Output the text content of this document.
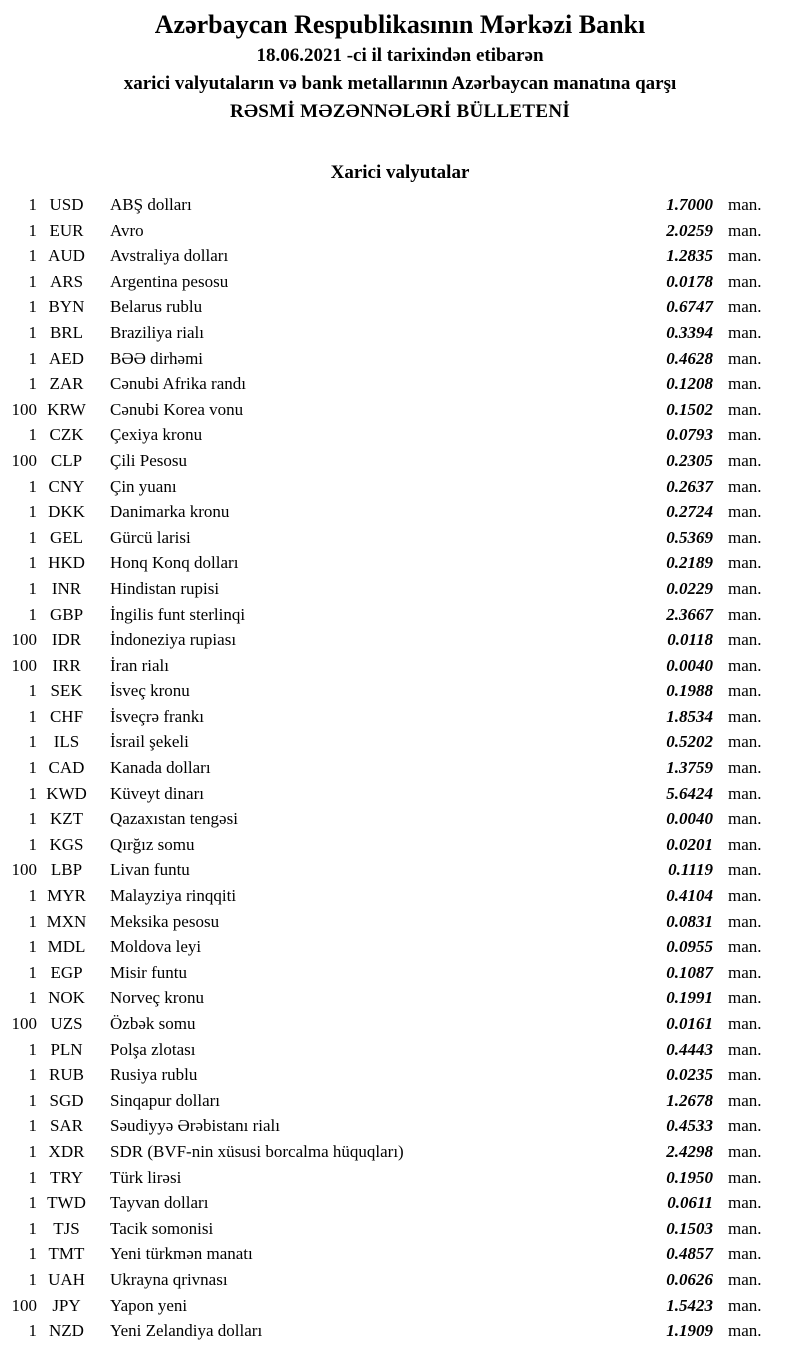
Azərbaycan Respublikasının Mərkəzi Bankı
18.06.2021 -ci il tarixindən etibarən
xarici valyutaların və bank metallarının Azərbaycan manatına qarşı
RƏSMİ MƏZƏNNƏLƏRİ BÜLLETENİ
Xarici valyutalar
1 USD	ABŞ dolları	1.7000 man.
1 EUR	Avro	2.0259 man.
1 AUD	Avstraliya dolları	1.2835 man.
1 ARS	Argentina pesosu	0.0178 man.
1 BYN	Belarus rublu	0.6747 man.
1 BRL	Braziliya rialı	0.3394 man.
1 AED	BƏƏ dirhəmi	0.4628 man.
1 ZAR	Cənubi Afrika randı	0.1208 man.
100 KRW	Cənubi Korea vonu	0.1502 man.
1 CZK	Çexiya kronu	0.0793 man.
100 CLP	Çili Pesosu	0.2305 man.
1 CNY	Çin yuanı	0.2637 man.
1 DKK	Danimarka kronu	0.2724 man.
1 GEL	Gürcü larisi	0.5369 man.
1 HKD	Honq Konq dolları	0.2189 man.
1 INR	Hindistan rupisi	0.0229 man.
1 GBP	İngilis funt sterlinqi	2.3667 man.
100 IDR	İndoneziya rupiası	0.0118 man.
100 IRR	İran rialı	0.0040 man.
1 SEK	İsveç kronu	0.1988 man.
1 CHF	İsveçrə frankı	1.8534 man.
1 ILS	İsrail şekeli	0.5202 man.
1 CAD	Kanada dolları	1.3759 man.
1 KWD	Küveyt dinarı	5.6424 man.
1 KZT	Qazaxıstan tengəsi	0.0040 man.
1 KGS	Qırğız somu	0.0201 man.
100 LBP	Livan funtu	0.1119 man.
1 MYR	Malayziya rinqqiti	0.4104 man.
1 MXN	Meksika pesosu	0.0831 man.
1 MDL	Moldova leyi	0.0955 man.
1 EGP	Misir funtu	0.1087 man.
1 NOK	Norveç kronu	0.1991 man.
100 UZS	Özbək somu	0.0161 man.
1 PLN	Polşa zlotası	0.4443 man.
1 RUB	Rusiya rublu	0.0235 man.
1 SGD	Sinqapur dolları	1.2678 man.
1 SAR	Səudiyyə Ərəbistanı rialı	0.4533 man.
1 XDR	SDR (BVF-nin xüsusi borcalma hüquqları)	2.4298 man.
1 TRY	Türk lirəsi	0.1950 man.
1 TWD	Tayvan dolları	0.0611 man.
1 TJS	Tacik somonisi	0.1503 man.
1 TMT	Yeni türkmən manatı	0.4857 man.
1 UAH	Ukrayna qrivnası	0.0626 man.
100 JPY	Yapon yeni	1.5423 man.
1 NZD	Yeni Zelandiya dolları	1.1909 man.
